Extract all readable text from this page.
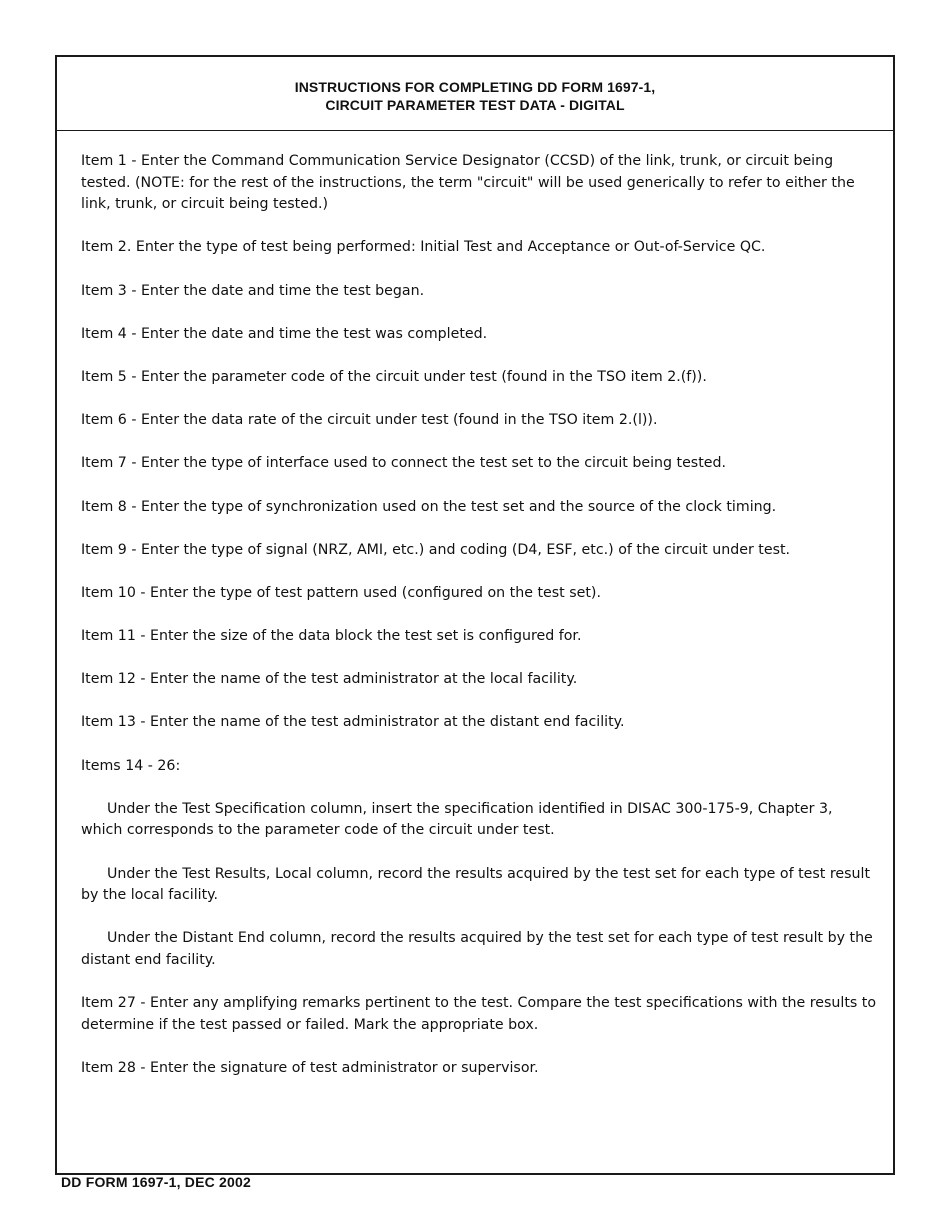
INSTRUCTIONS FOR COMPLETING DD FORM 1697-1,
CIRCUIT PARAMETER TEST DATA - DIGITAL

Item 1 - Enter the Command Communication Service Designator (CCSD) of the link, trunk, or circuit being tested. (NOTE: for the rest of the instructions, the term "circuit" will be used generically to refer to either the link, trunk, or circuit being tested.)

Item 2. Enter the type of test being performed: Initial Test and Acceptance or Out-of-Service QC.

Item 3 - Enter the date and time the test began.

Item 4 - Enter the date and time the test was completed.

Item 5 - Enter the parameter code of the circuit under test (found in the TSO item 2.(f)).

Item 6 - Enter the data rate of the circuit under test (found in the TSO item 2.(l)).

Item 7 - Enter the type of interface used to connect the test set to the circuit being tested.

Item 8 - Enter the type of synchronization used on the test set and the source of the clock timing.

Item 9 - Enter the type of signal (NRZ, AMI, etc.) and coding (D4, ESF, etc.) of the circuit under test.

Item 10 - Enter the type of test pattern used (configured on the test set).

Item 11 - Enter the size of the data block the test set is configured for.

Item 12 - Enter the name of the test administrator at the local facility.

Item 13 - Enter the name of the test administrator at the distant end facility.

Items 14 - 26:

Under the Test Specification column, insert the specification identified in DISAC 300-175-9, Chapter 3, which corresponds to the parameter code of the circuit under test.

Under the Test Results, Local column, record the results acquired by the test set for each type of test result by the local facility.

Under the Distant End column, record the results acquired by the test set for each type of test result by the distant end facility.

Item 27 - Enter any amplifying remarks pertinent to the test. Compare the test specifications with the results to determine if the test passed or failed. Mark the appropriate box.

Item 28 - Enter the signature of test administrator or supervisor.

DD FORM 1697-1, DEC 2002
